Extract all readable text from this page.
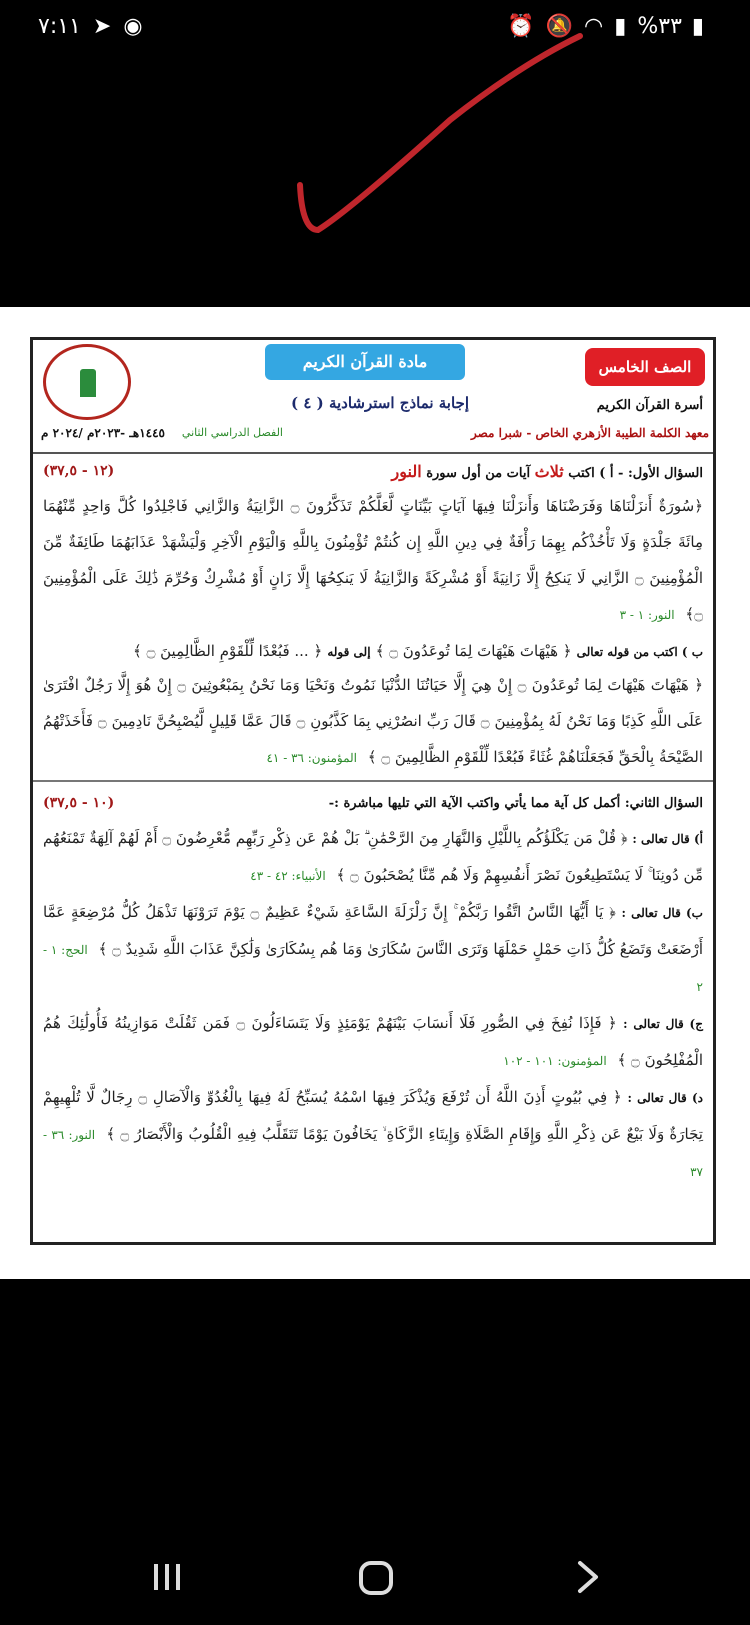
⏰ 🔕 ◠ ▮ %٣٣ ▮
٧:١١ ➤ ◉
الصف الخامس
مادة القرآن الكريم
أسرة القرآن الكريم
إجابة نماذج استرشادية ( ٤ )
معهد الكلمة الطيبة الأزهري الخاص - شبرا مصر
الفصل الدراسي الثاني
١٤٤٥هـ -٢٠٢٣م /٢٠٢٤ م
السؤال الأول: - أ ) اكتب ثلاث آيات من أول سورة النور
(١٢ - ٣٧,٥)
﴿سُورَةٌ أَنزَلْنَاهَا وَفَرَضْنَاهَا وَأَنزَلْنَا فِيهَا آيَاتٍ بَيِّنَاتٍ لَّعَلَّكُمْ تَذَكَّرُونَ ۝ الزَّانِيَةُ وَالزَّانِي فَاجْلِدُوا كُلَّ وَاحِدٍ مِّنْهُمَا مِائَةَ جَلْدَةٍ وَلَا تَأْخُذْكُم بِهِمَا رَأْفَةٌ فِي دِينِ اللَّهِ إِن كُنتُمْ تُؤْمِنُونَ بِاللَّهِ وَالْيَوْمِ الْآخِرِ وَلْيَشْهَدْ عَذَابَهُمَا طَائِفَةٌ مِّنَ الْمُؤْمِنِينَ ۝ الزَّانِي لَا يَنكِحُ إِلَّا زَانِيَةً أَوْ مُشْرِكَةً وَالزَّانِيَةُ لَا يَنكِحُهَا إِلَّا زَانٍ أَوْ مُشْرِكٌ وَحُرِّمَ ذَٰلِكَ عَلَى الْمُؤْمِنِينَ ۝﴾ النور: ١ - ٣
ب ) اكتب من قوله تعالى ﴿ هَيْهَاتَ هَيْهَاتَ لِمَا تُوعَدُونَ ۝ ﴾ إلى قوله ﴿ ... فَبُعْدًا لِّلْقَوْمِ الظَّالِمِينَ ۝ ﴾
﴿ هَيْهَاتَ هَيْهَاتَ لِمَا تُوعَدُونَ ۝ إِنْ هِيَ إِلَّا حَيَاتُنَا الدُّنْيَا نَمُوتُ وَنَحْيَا وَمَا نَحْنُ بِمَبْعُوثِينَ ۝ إِنْ هُوَ إِلَّا رَجُلٌ افْتَرَىٰ عَلَى اللَّهِ كَذِبًا وَمَا نَحْنُ لَهُ بِمُؤْمِنِينَ ۝ قَالَ رَبِّ انصُرْنِي بِمَا كَذَّبُونِ ۝ قَالَ عَمَّا قَلِيلٍ لَّيُصْبِحُنَّ نَادِمِينَ ۝ فَأَخَذَتْهُمُ الصَّيْحَةُ بِالْحَقِّ فَجَعَلْنَاهُمْ غُثَاءً فَبُعْدًا لِّلْقَوْمِ الظَّالِمِينَ ۝ ﴾ المؤمنون: ٣٦ - ٤١
السؤال الثاني: أكمل كل آية مما يأتي واكتب الآية التي تليها مباشرة :-
(١٠ - ٣٧,٥)
أ) قال تعالى : ﴿ قُلْ مَن يَكْلَؤُكُم بِاللَّيْلِ وَالنَّهَارِ مِنَ الرَّحْمَٰنِ ۗ بَلْ هُمْ عَن ذِكْرِ رَبِّهِم مُّعْرِضُونَ ۝ أَمْ لَهُمْ آلِهَةٌ تَمْنَعُهُم مِّن دُونِنَا ۚ لَا يَسْتَطِيعُونَ نَصْرَ أَنفُسِهِمْ وَلَا هُم مِّنَّا يُصْحَبُونَ ۝ ﴾ الأنبياء: ٤٢ - ٤٣
ب) قال تعالى : ﴿ يَا أَيُّهَا النَّاسُ اتَّقُوا رَبَّكُمْ ۚ إِنَّ زَلْزَلَةَ السَّاعَةِ شَيْءٌ عَظِيمٌ ۝ يَوْمَ تَرَوْنَهَا تَذْهَلُ كُلُّ مُرْضِعَةٍ عَمَّا أَرْضَعَتْ وَتَضَعُ كُلُّ ذَاتِ حَمْلٍ حَمْلَهَا وَتَرَى النَّاسَ سُكَارَىٰ وَمَا هُم بِسُكَارَىٰ وَلَٰكِنَّ عَذَابَ اللَّهِ شَدِيدٌ ۝ ﴾ الحج: ١ - ٢
ج) قال تعالى : ﴿ فَإِذَا نُفِخَ فِي الصُّورِ فَلَا أَنسَابَ بَيْنَهُمْ يَوْمَئِذٍ وَلَا يَتَسَاءَلُونَ ۝ فَمَن ثَقُلَتْ مَوَازِينُهُ فَأُولَٰئِكَ هُمُ الْمُفْلِحُونَ ۝ ﴾ المؤمنون: ١٠١ - ١٠٢
د) قال تعالى : ﴿ فِي بُيُوتٍ أَذِنَ اللَّهُ أَن تُرْفَعَ وَيُذْكَرَ فِيهَا اسْمُهُ يُسَبِّحُ لَهُ فِيهَا بِالْغُدُوِّ وَالْآصَالِ ۝ رِجَالٌ لَّا تُلْهِيهِمْ تِجَارَةٌ وَلَا بَيْعٌ عَن ذِكْرِ اللَّهِ وَإِقَامِ الصَّلَاةِ وَإِيتَاءِ الزَّكَاةِ ۙ يَخَافُونَ يَوْمًا تَتَقَلَّبُ فِيهِ الْقُلُوبُ وَالْأَبْصَارُ ۝ ﴾ النور: ٣٦ - ٣٧
